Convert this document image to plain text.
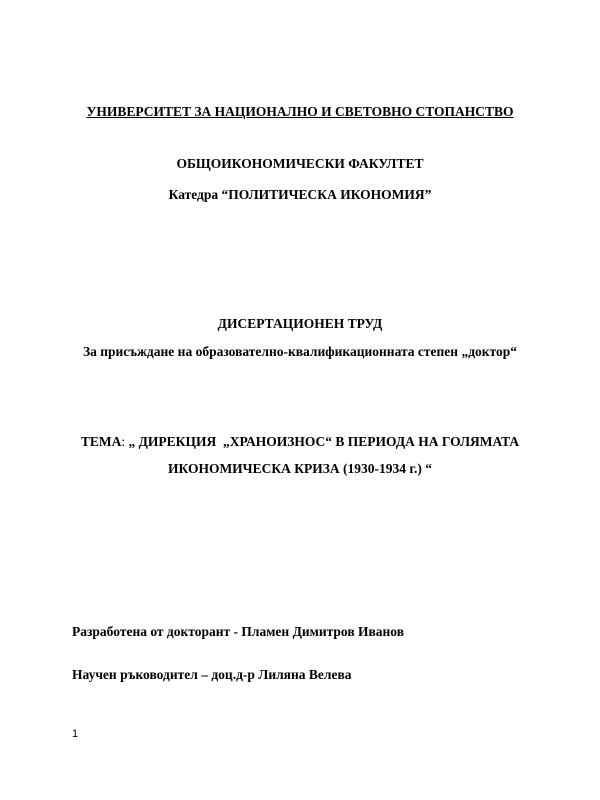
УНИВЕРСИТЕТ ЗА НАЦИОНАЛНО И СВЕТОВНО СТОПАНСТВО
ОБЩОИКОНОМИЧЕСКИ ФАКУЛТЕТ
Катедра “ПОЛИТИЧЕСКА ИКОНОМИЯ”
ДИСЕРТАЦИОНЕН ТРУД
За присъждане на образователно-квалификационната степен „доктор“
ТЕМА: „ ДИРЕКЦИЯ  „ХРАНОИЗНОС“ В ПЕРИОДА НА ГОЛЯМАТА
ИКОНОМИЧЕСКА КРИЗА (1930-1934 г.) “
Разработена от докторант - Пламен Димитров Иванов
Научен ръководител – доц.д-р Лиляна Велева
1
